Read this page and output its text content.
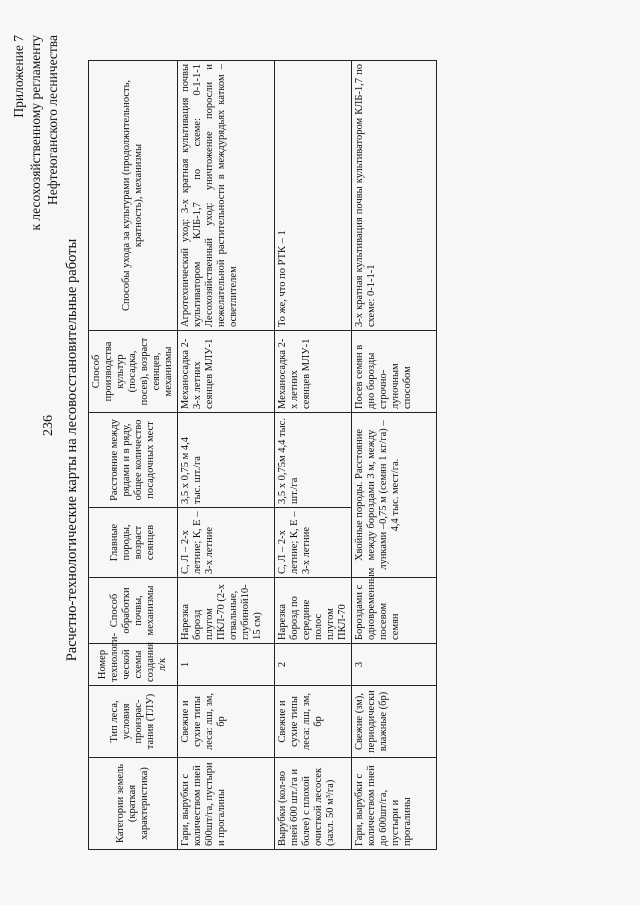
236
Приложение 7 к лесохозяйственному регламенту Нефтеюганского лесничества
Расчетно-технологические карты на лесовосстановительные работы
Категории земель (краткая характеристика)	Тип леса, условия произрас-тания (ТЛУ)	Номер технологи-ческой схемы создания л/к	Способ обработки почвы, механизмы	Главные породы, возраст сеянцев	Расстояние между рядами и в ряду, общее количество посадочных мест	Способ производства культур (посадка, посев), возраст сеянцев, механизмы	Способы ухода за культурами (продолжительность, кратность), механизмы
Гари, вырубки с количеством пней 600шт/га, пустыри и прогалины	Свежие и сухие типы леса: лш, зм, бр	1	Нарезка борозд плугом ПКЛ-70 (2-х отвальные, глубиной10-15 см)	С, Л – 2-х летние; К, Е – 3-х летние	3,5 х 0,75 м 4,4 тыс. шт./га	Механосадка 2-3-х летних сеянцев МЛУ-1	Агротехнический уход: 3-х кратная культивация почвы культиватором КЛБ-1,7 по схеме: 0-1-1-1 Лесохозяйственный уход: уничтожение поросли и нежелательной растительности в междурядьях катком – осветлителем
Вырубки (кол-во пней 600 шт./га и более) с плохой очисткой лесосек (захл. 50 м³/га)	Свежие и сухие типы леса: лш, зм, бр	2	Нарезка борозд по середине полос плугом ПКЛ-70	С, Л – 2-х летние; К, Е – 3-х летние	3,5 х 0,75м 4,4 тыс. шт./га	Механосадка 2-х летних сеянцев МЛУ-1	То же, что по РТК – 1
Гари, вырубки с количеством пней до 600шт/га, пустыри и прогалины	Свежие (зм), периодически влажные (бр)	3	Бороздами с одновременным посевом семян	Хвойные породы. Расстояние между бороздами 3 м, между лунками –0,75 м (семян 1 кг/га) – 4,4 тыс. мест/га.		Посев семян в дно борозды строчно-луночным способом	3-х кратная культивация почвы культиватором КЛБ-1,7 по схеме: 0-1-1-1
